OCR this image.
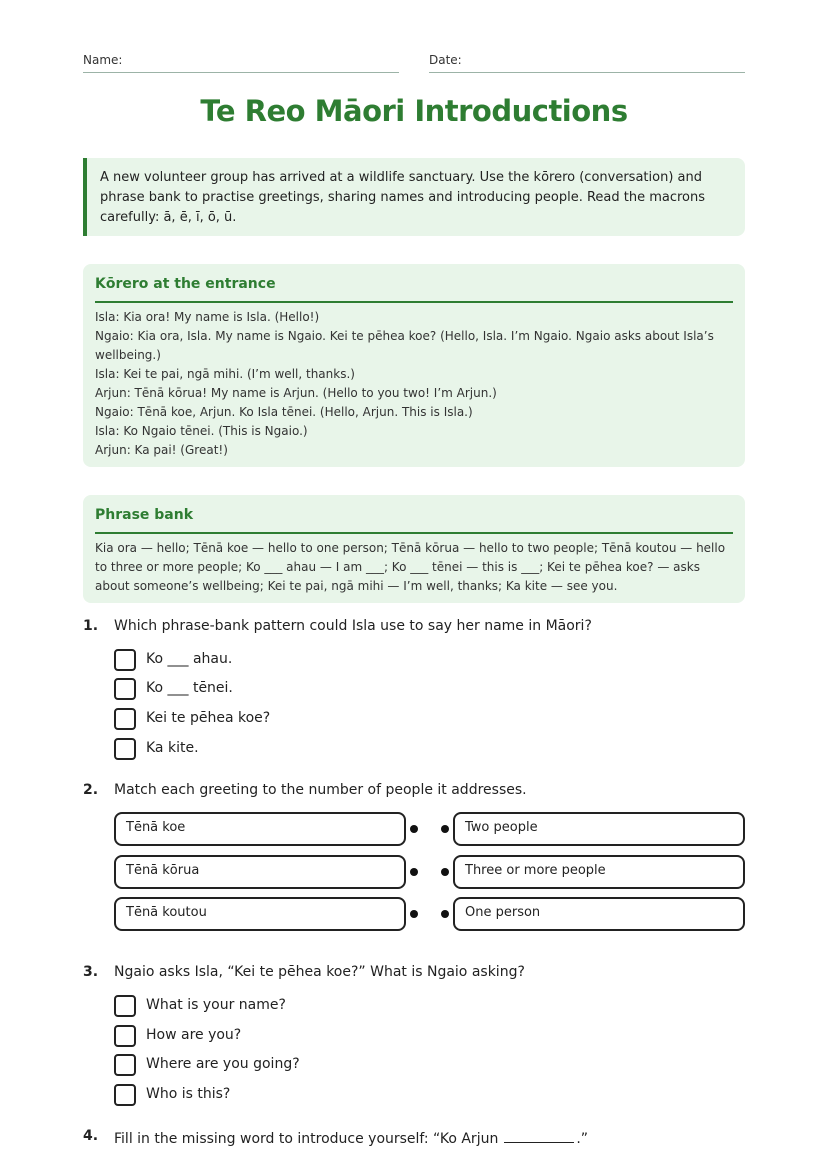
Name:	Date:
Te Reo Māori Introductions
A new volunteer group has arrived at a wildlife sanctuary. Use the kōrero (conversation) and phrase bank to practise greetings, sharing names and introducing people. Read the macrons carefully: ā, ē, ī, ō, ū.
Kōrero at the entrance
Isla: Kia ora! My name is Isla. (Hello!)
Ngaio: Kia ora, Isla. My name is Ngaio. Kei te pēhea koe? (Hello, Isla. I’m Ngaio. Ngaio asks about Isla’s wellbeing.)
Isla: Kei te pai, ngā mihi. (I’m well, thanks.)
Arjun: Tēnā kōrua! My name is Arjun. (Hello to you two! I’m Arjun.)
Ngaio: Tēnā koe, Arjun. Ko Isla tēnei. (Hello, Arjun. This is Isla.)
Isla: Ko Ngaio tēnei. (This is Ngaio.)
Arjun: Ka pai! (Great!)
Phrase bank
Kia ora — hello; Tēnā koe — hello to one person; Tēnā kōrua — hello to two people; Tēnā koutou — hello to three or more people; Ko ___ ahau — I am ___; Ko ___ tēnei — this is ___; Kei te pēhea koe? — asks about someone’s wellbeing; Kei te pai, ngā mihi — I’m well, thanks; Ka kite — see you.
1. Which phrase-bank pattern could Isla use to say her name in Māori?
Ko ___ ahau.
Ko ___ tēnei.
Kei te pēhea koe?
Ka kite.
2. Match each greeting to the number of people it addresses.
Tēnā koe
Tēnā kōrua
Tēnā koutou
Two people
Three or more people
One person
3. Ngaio asks Isla, “Kei te pēhea koe?” What is Ngaio asking?
What is your name?
How are you?
Where are you going?
Who is this?
4. Fill in the missing word to introduce yourself: “Ko Arjun	.”
